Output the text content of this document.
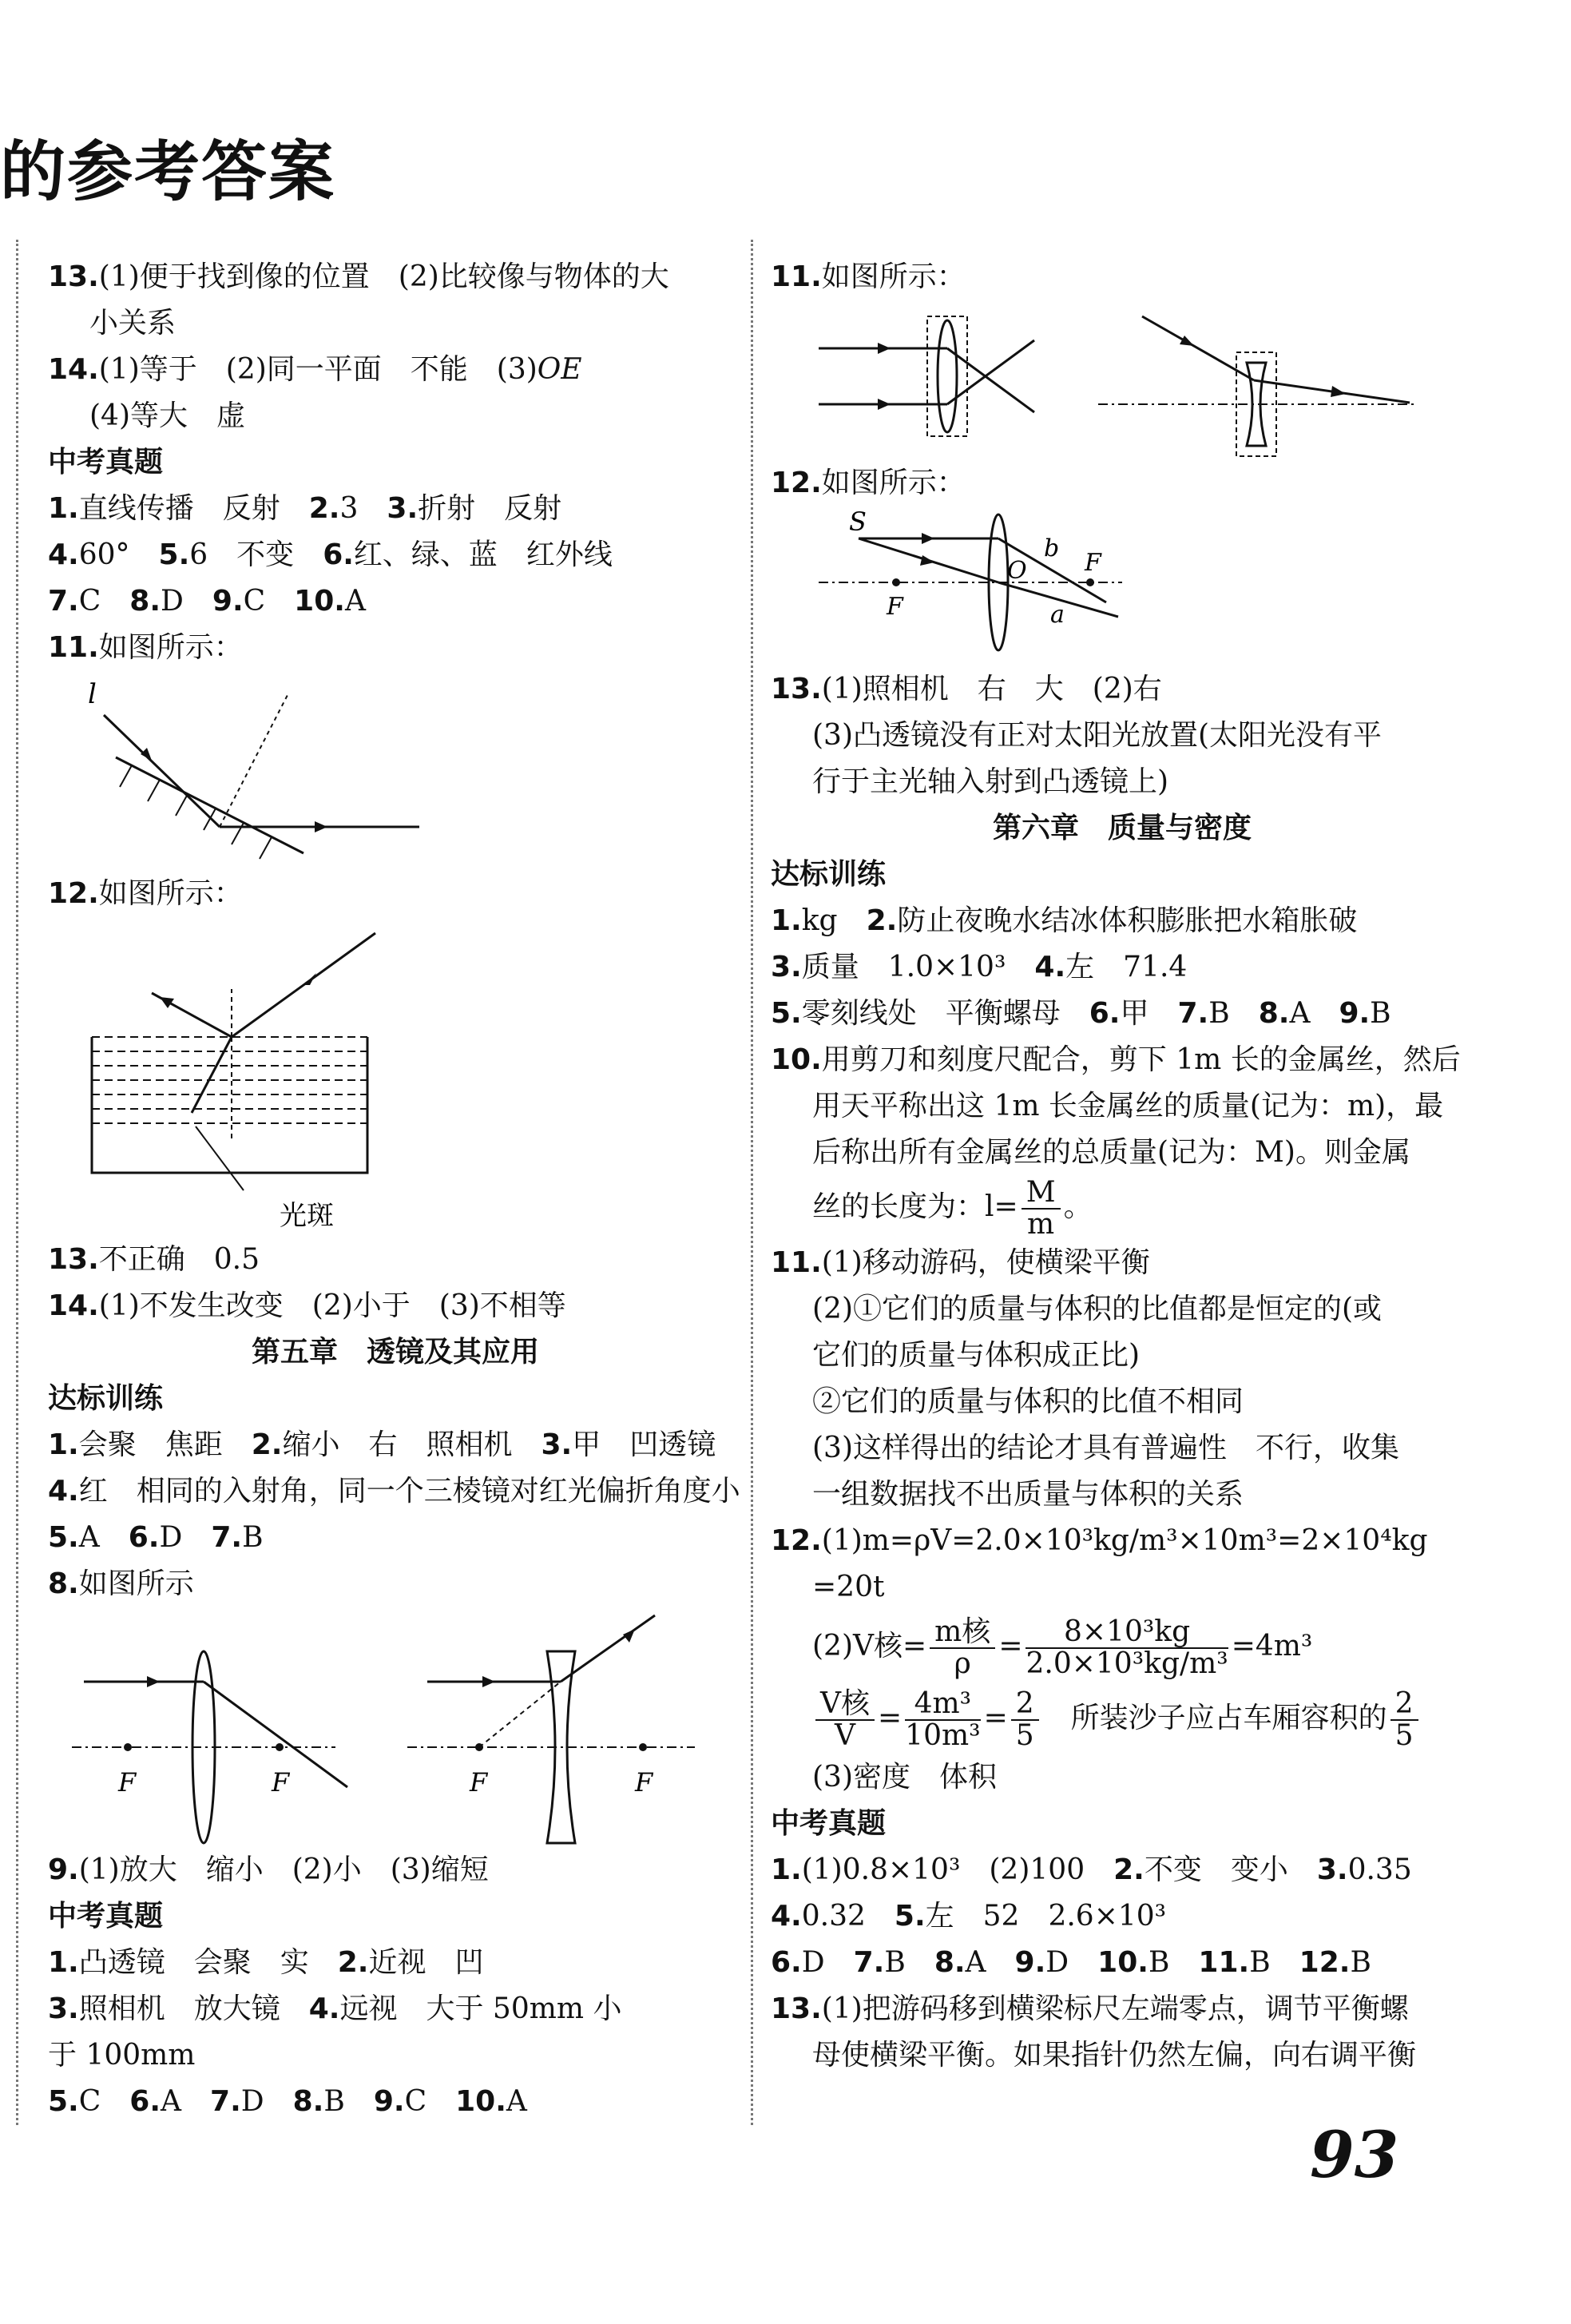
的参考答案

13.(1)便于找到像的位置　(2)比较像与物体的大

小关系

14.(1)等于　(2)同一平面　不能　(3)OE

(4)等大　虚

中考真题

1.直线传播　反射　2.3　3.折射　反射

4.60°　5.6　不变　6.红、绿、蓝　红外线

7.C　8.D　9.C　10.A

11.如图所示：

l

12.如图所示：

光斑

13.不正确　0.5

14.(1)不发生改变　(2)小于　(3)不相等

第五章　透镜及其应用

达标训练

1.会聚　焦距　2.缩小　右　照相机　3.甲　凹透镜

4.红　相同的入射角，同一个三棱镜对红光偏折角度小

5.A　6.D　7.B

8.如图所示

F	F	F	F

9.(1)放大　缩小　(2)小　(3)缩短

中考真题

1.凸透镜　会聚　实　2.近视　凹

3.照相机　放大镜　4.远视　大于 50mm 小

于 100mm

5.C　6.A　7.D　8.B　9.C　10.A

11.如图所示：

12.如图所示：

S
F
F
O
b
a

13.(1)照相机　右　大　(2)右

(3)凸透镜没有正对太阳光放置(太阳光没有平

行于主光轴入射到凸透镜上)

第六章　质量与密度

达标训练

1.kg　2.防止夜晚水结冰体积膨胀把水箱胀破

3.质量　1.0×10³　4.左　71.4

5.零刻线处　平衡螺母　6.甲　7.B　8.A　9.B

10.用剪刀和刻度尺配合，剪下 1m 长的金属丝，然后

用天平称出这 1m 长金属丝的质量(记为：m)，最

后称出所有金属丝的总质量(记为：M)。则金属

丝的长度为：$l= \frac{M}{m}$ 。

11.(1)移动游码，使横梁平衡

(2)①它们的质量与体积的比值都是恒定的(或

它们的质量与体积成正比)

②它们的质量与体积的比值不相同

(3)这样得出的结论才具有普遍性　不行，收集

一组数据找不出质量与体积的关系

12.(1)m=ρV=2.0×10³kg/m³×10m³=2×10⁴kg

=20t

(2)V核= $\frac{\text{m核}}{\rho} = \frac{\text{8×10³kg}}{\text{2.0×10³kg/m³}} =4m^3$

$\frac{\text{V核}}{V} = \frac{\text{4m³}}{\text{10m³}} = \frac{2}{5}$ 　所装沙子应占车厢容积的 $\frac{2}{5}$

(3)密度　体积

中考真题

1.(1)0.8×10³　(2)100　2.不变　变小　3.0.35

4.0.32　5.左　52　2.6×10³

6.D　7.B　8.A　9.D　10.B　11.B　12.B

13.(1)把游码移到横梁标尺左端零点，调节平衡螺

母使横梁平衡。如果指针仍然左偏，向右调平衡

93
